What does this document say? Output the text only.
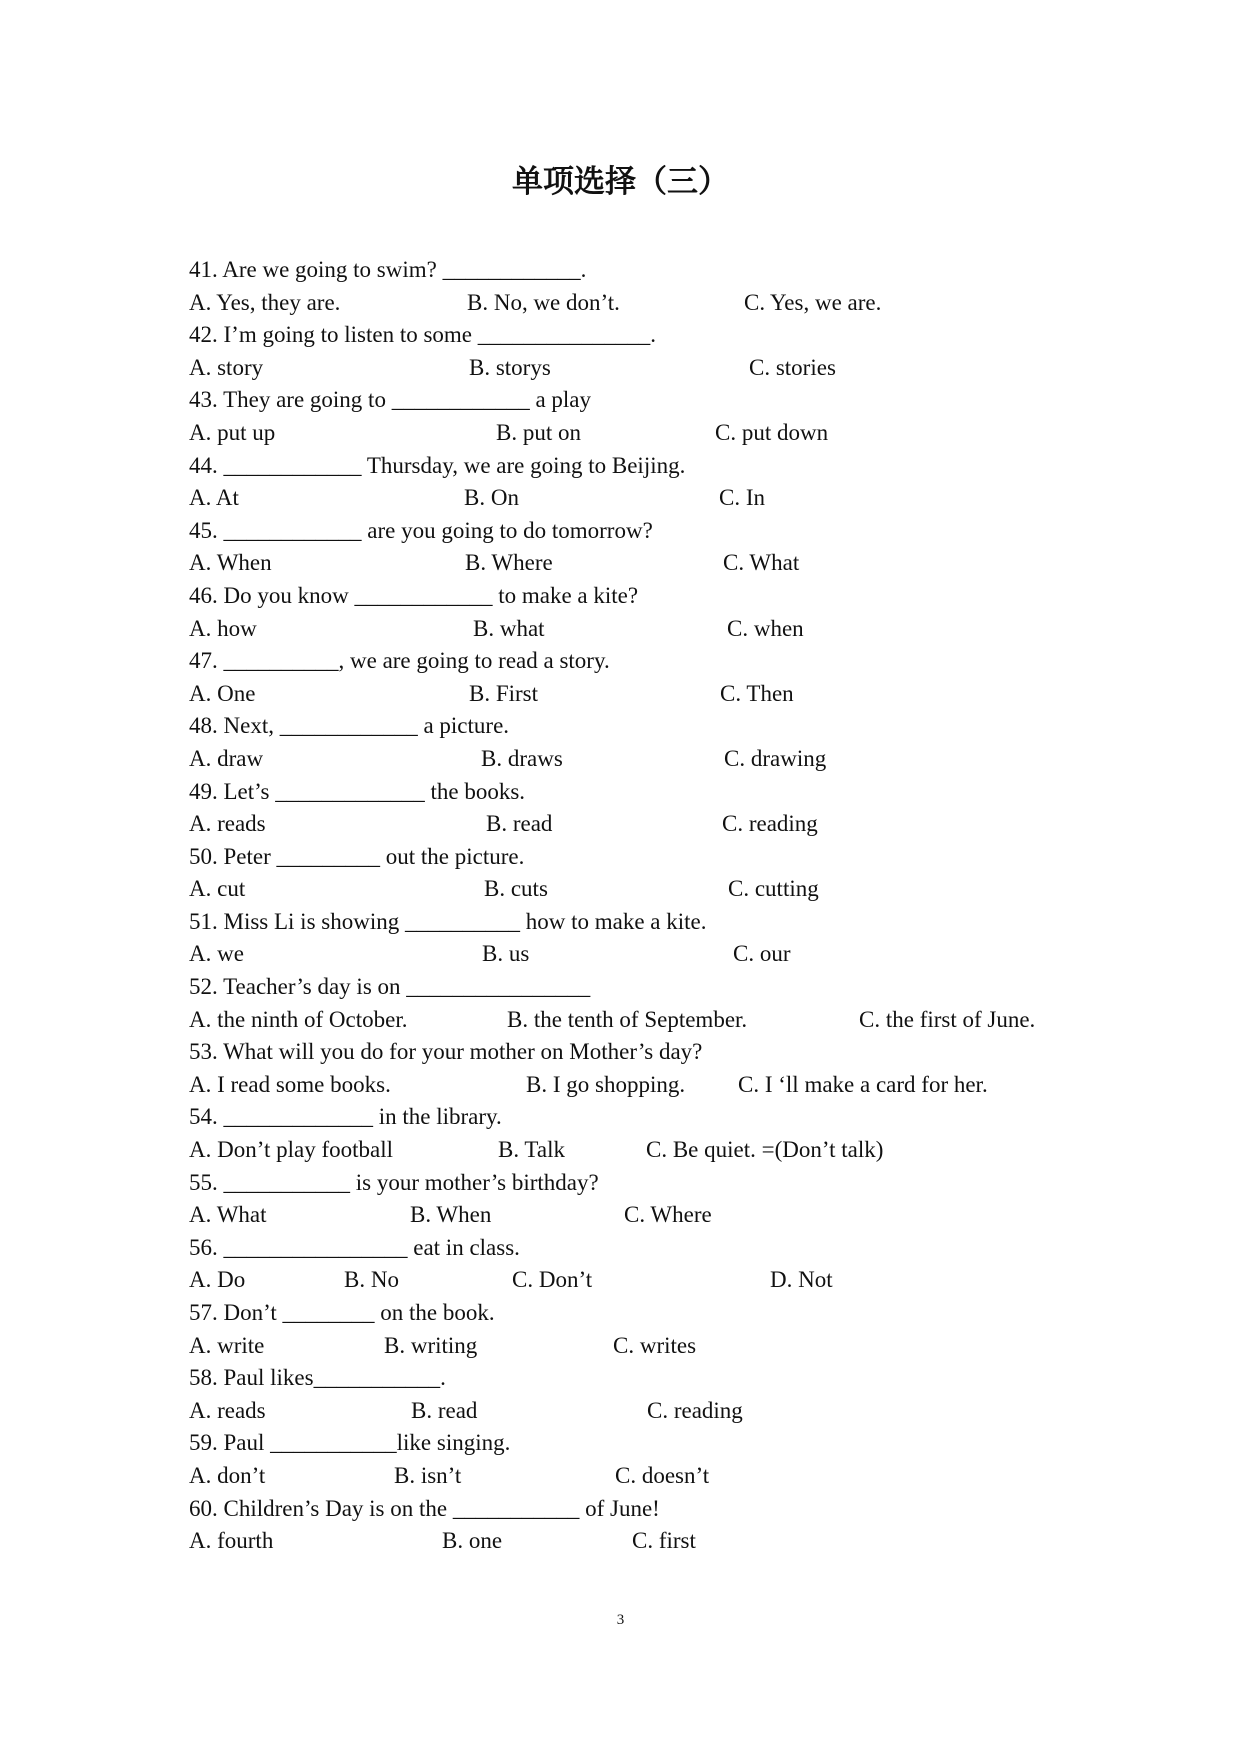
单项选择（三）
41. Are we going to swim? ____________.
A. Yes, they are.	B. No, we don’t.	C. Yes, we are.
42. I’m going to listen to some _______________.
A. story	B. storys	C. stories
43. They are going to ____________ a play
A. put up	B. put on	C. put down
44. ____________ Thursday, we are going to Beijing.
A. At	B. On	C. In
45. ____________ are you going to do tomorrow?
A. When	B. Where	C. What
46. Do you know ____________ to make a kite?
A. how	B. what	C. when
47. __________, we are going to read a story.
A. One	B. First	C. Then
48. Next, ____________ a picture.
A. draw	B. draws	C. drawing
49. Let’s _____________ the books.
A. reads	B. read	C. reading
50. Peter _________ out the picture.
A. cut	B. cuts	C. cutting
51. Miss Li is showing __________ how to make a kite.
A. we	B. us	C. our
52. Teacher’s day is on ________________
A. the ninth of October.	B. the tenth of September.	C. the first of June.
53. What will you do for your mother on Mother’s day?
A. I read some books.	B. I go shopping. C. I ‘ll make a card for her.
54. _____________ in the library.
A. Don’t play football	B. Talk	C. Be quiet. =(Don’t talk)
55. ___________ is your mother’s birthday?
A. What	B. When	C. Where
56. ________________ eat in class.
A. Do	B. No	C. Don’t	D. Not
57. Don’t ________ on the book.
A. write	B. writing	C. writes
58. Paul likes___________.
A. reads	B. read	C. reading
59. Paul ___________like singing.
A. don’t	B. isn’t	C. doesn’t
60. Children’s Day is on the ___________ of June!
A. fourth	B. one	C. first
3
